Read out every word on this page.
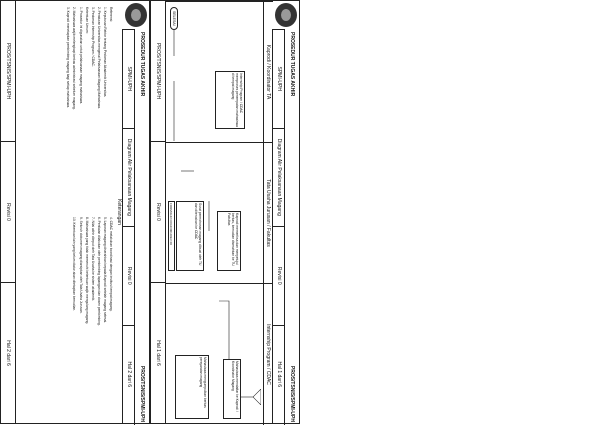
PROSEDUR TUGAS AKHIR
PROS/TSNIS/SPMI-UPH
SPMI-UPH
Diagram Alir Pelaksanaan Magang
Revisi 0
Hal 1 dari 6
Kaprodi / Koordinator TA
Tata Usaha Jurusan / Fakultas
Internship Program / CDAC
Mahasiswa mendaftar ke Kaprodi / Koordinator Magang
Mahasiswa mengumpulkan berkas persyaratan magang
Kaprodi memeriksa dan menyetujui berkas, kemudian diserahkan ke TU Fakultas
Surat permohonan magang dibuat oleh TU dan diteruskan ke CDAC
FORMULIR CDAC/001/REV 00
Internship Program / CDAC memproses penempatan mahasiswa di tempat magang
SELESAI
PROS/TSNIS/SPMI-UPH
Revisi 0
Hal 1 dari 6
PROSEDUR TUGAS AKHIR
PROS/TSNIS/SPMI-UPH
SPMI-UPH
Diagram Alir Pelaksanaan Magang
Revisi 0
Hal 2 dari 6
Keterangan

Referensi:

1. Keputusan Rektor tentang Pedoman Akademik Universitas.

2. Peraturan Universitas mengenai Pelaksanaan Magang Mahasiswa.

3. Pedoman Internship Program / CDAC.

Ketentuan Umum:

1. Prosedur ini digunakan untuk pelaksanaan magang mahasiswa.

2. Mahasiswa wajib melengkapi berkas administrasi sebelum magang.

3. Kaprodi menetapkan pembimbing magang bagi setiap mahasiswa.

4. CDAC melakukan koordinasi dengan institusi tempat magang.

5. Laporan magang diserahkan kepada Kaprodi setelah magang selesai.

6. Penilaian dilakukan oleh pembimbing lapangan dan dosen pembimbing.

7. Nilai akhir diinput oleh Tata Usaha ke sistem akademik.

8. Mahasiswa yang tidak memenuhi ketentuan wajib mengulang magang.

9. Seluruh dokumen magang diarsipkan oleh Tata Usaha Jurusan.

10. Ketentuan lain yang belum diatur akan ditetapkan kemudian.

PROS/TSNIS/SPMI-UPH
Revisi 0
Hal 2 dari 6
